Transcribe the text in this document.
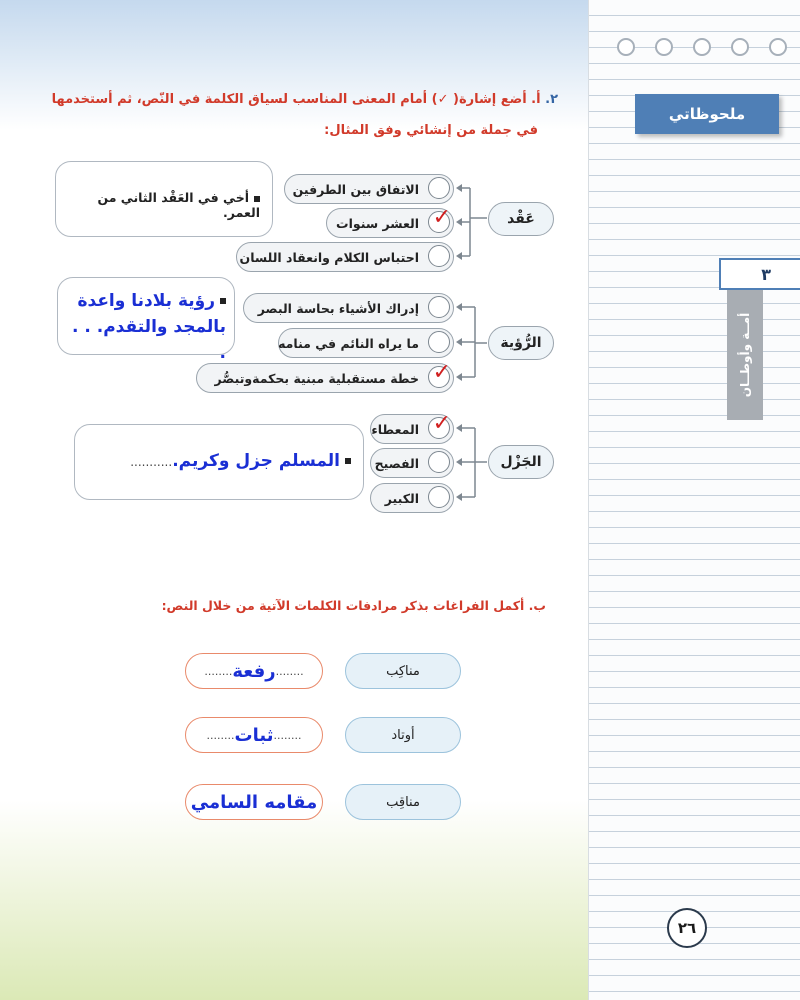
٢. أ. أضع إشارة( ✓) أمام المعنى المناسب لسياق الكلمة في النّص، ثم أستخدمها
في جملة من إنشائي وفق المثال:
عَقْد
الاتفاق بين الطرفين
العشر سنوات ✓
احتباس الكلام وانعقاد اللسان
أخي في العَقْد الثاني من العمر.
الرُّؤية
إدراك الأشياء بحاسة البصر
ما يراه النائم في منامه
خطة مستقبلية مبنية بحكمةوتبصُّر ✓
رؤية بلادنا واعدة
بالمجد والتقدم. . . .
الجَزْل
المعطاء ✓
الفصيح
الكبير
المسلم جزل وكريم............
ب. أكمل الفراغات بذكر مرادفات الكلمات الآتية من خلال النص:
مناكِب
........
رفعة
........
أوتاد
........
ثبات
........
مناقِب
مقامه السامي
ملحوظاتي
٣
أمــة وأوطــان
٢٦
